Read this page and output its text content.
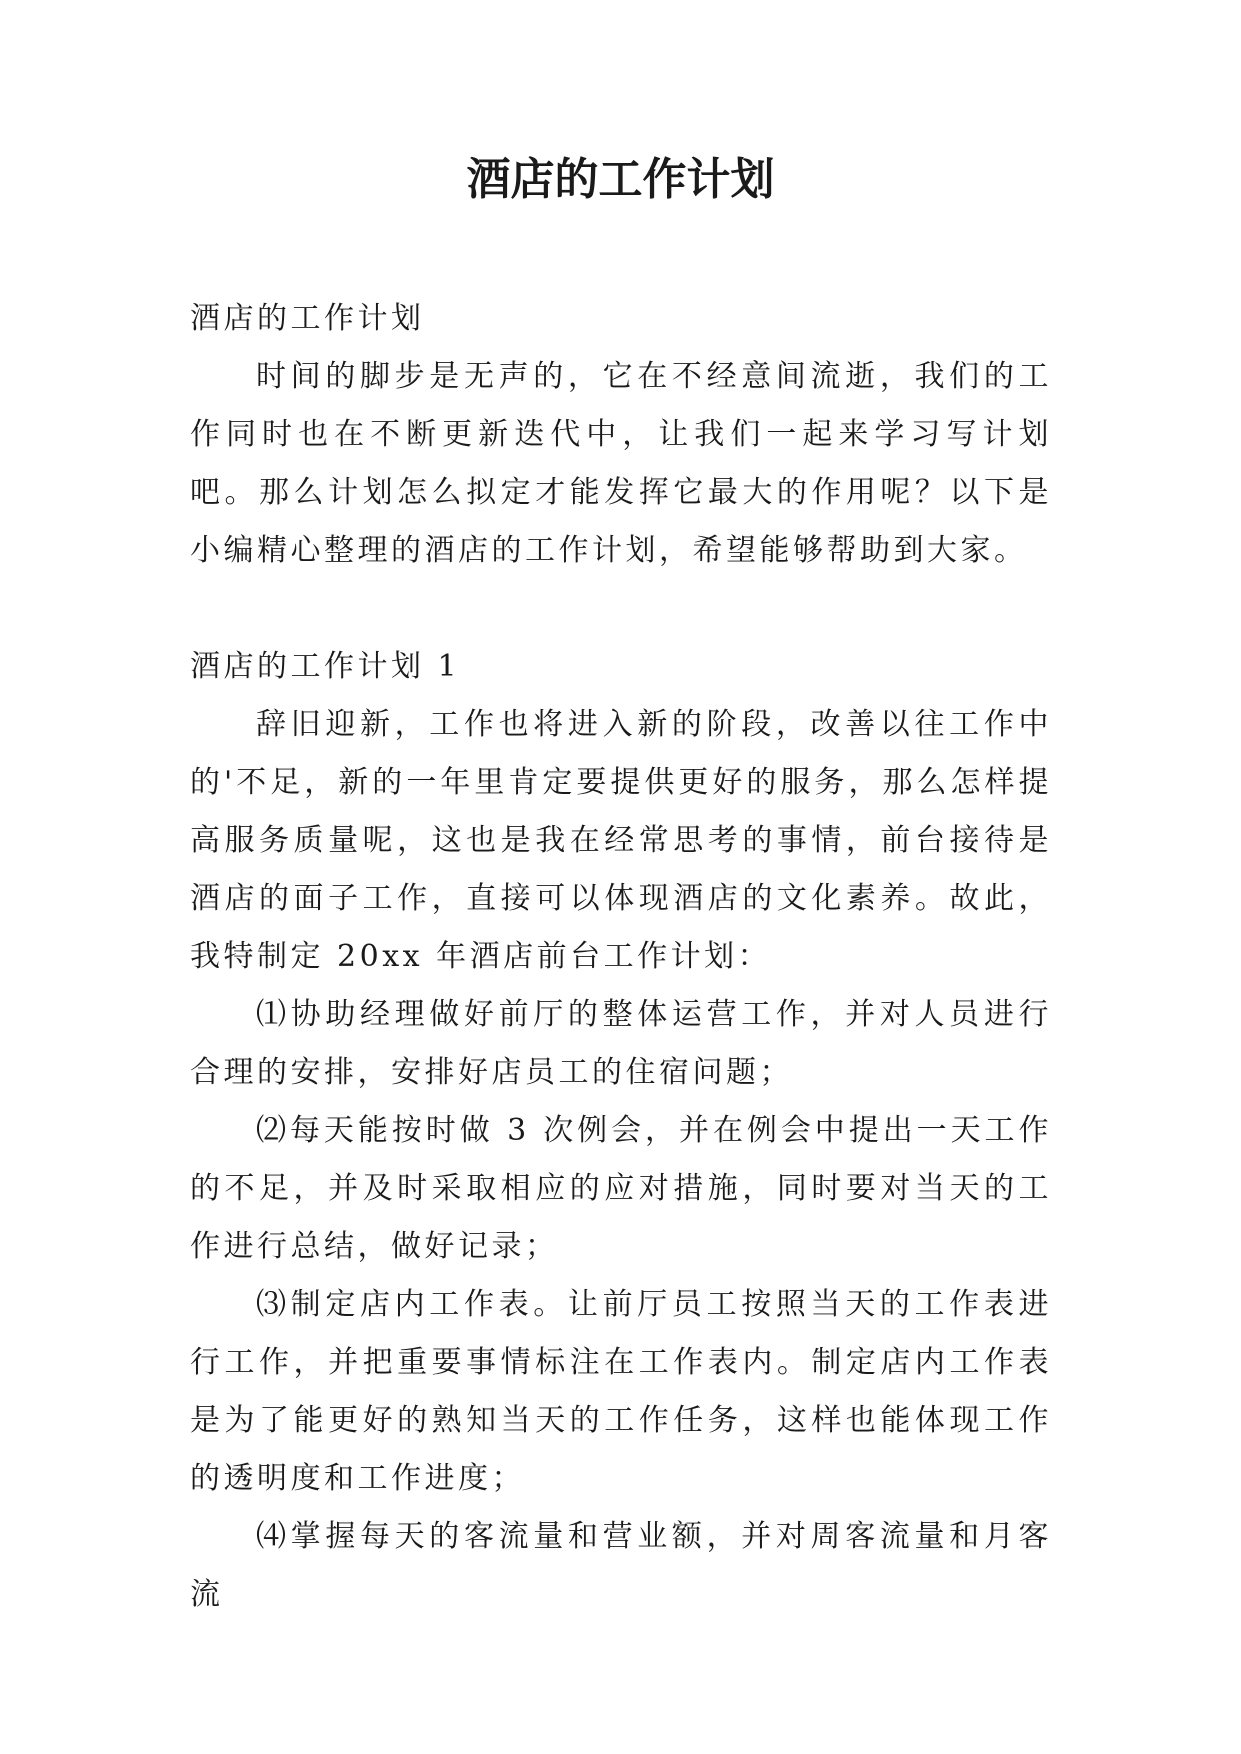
酒店的工作计划

酒店的工作计划

时间的脚步是无声的，它在不经意间流逝，我们的工作同时也在不断更新迭代中，让我们一起来学习写计划吧。那么计划怎么拟定才能发挥它最大的作用呢？以下是小编精心整理的酒店的工作计划，希望能够帮助到大家。

酒店的工作计划 1

辞旧迎新，工作也将进入新的阶段，改善以往工作中的'不足，新的一年里肯定要提供更好的服务，那么怎样提高服务质量呢，这也是我在经常思考的事情，前台接待是酒店的面子工作，直接可以体现酒店的文化素养。故此，我特制定 20xx 年酒店前台工作计划：

⑴协助经理做好前厅的整体运营工作，并对人员进行合理的安排，安排好店员工的住宿问题；

⑵每天能按时做 3 次例会，并在例会中提出一天工作的不足，并及时采取相应的应对措施，同时要对当天的工作进行总结，做好记录；

⑶制定店内工作表。让前厅员工按照当天的工作表进行工作，并把重要事情标注在工作表内。制定店内工作表是为了能更好的熟知当天的工作任务，这样也能体现工作的透明度和工作进度；

⑷掌握每天的客流量和营业额，并对周客流量和月客流
